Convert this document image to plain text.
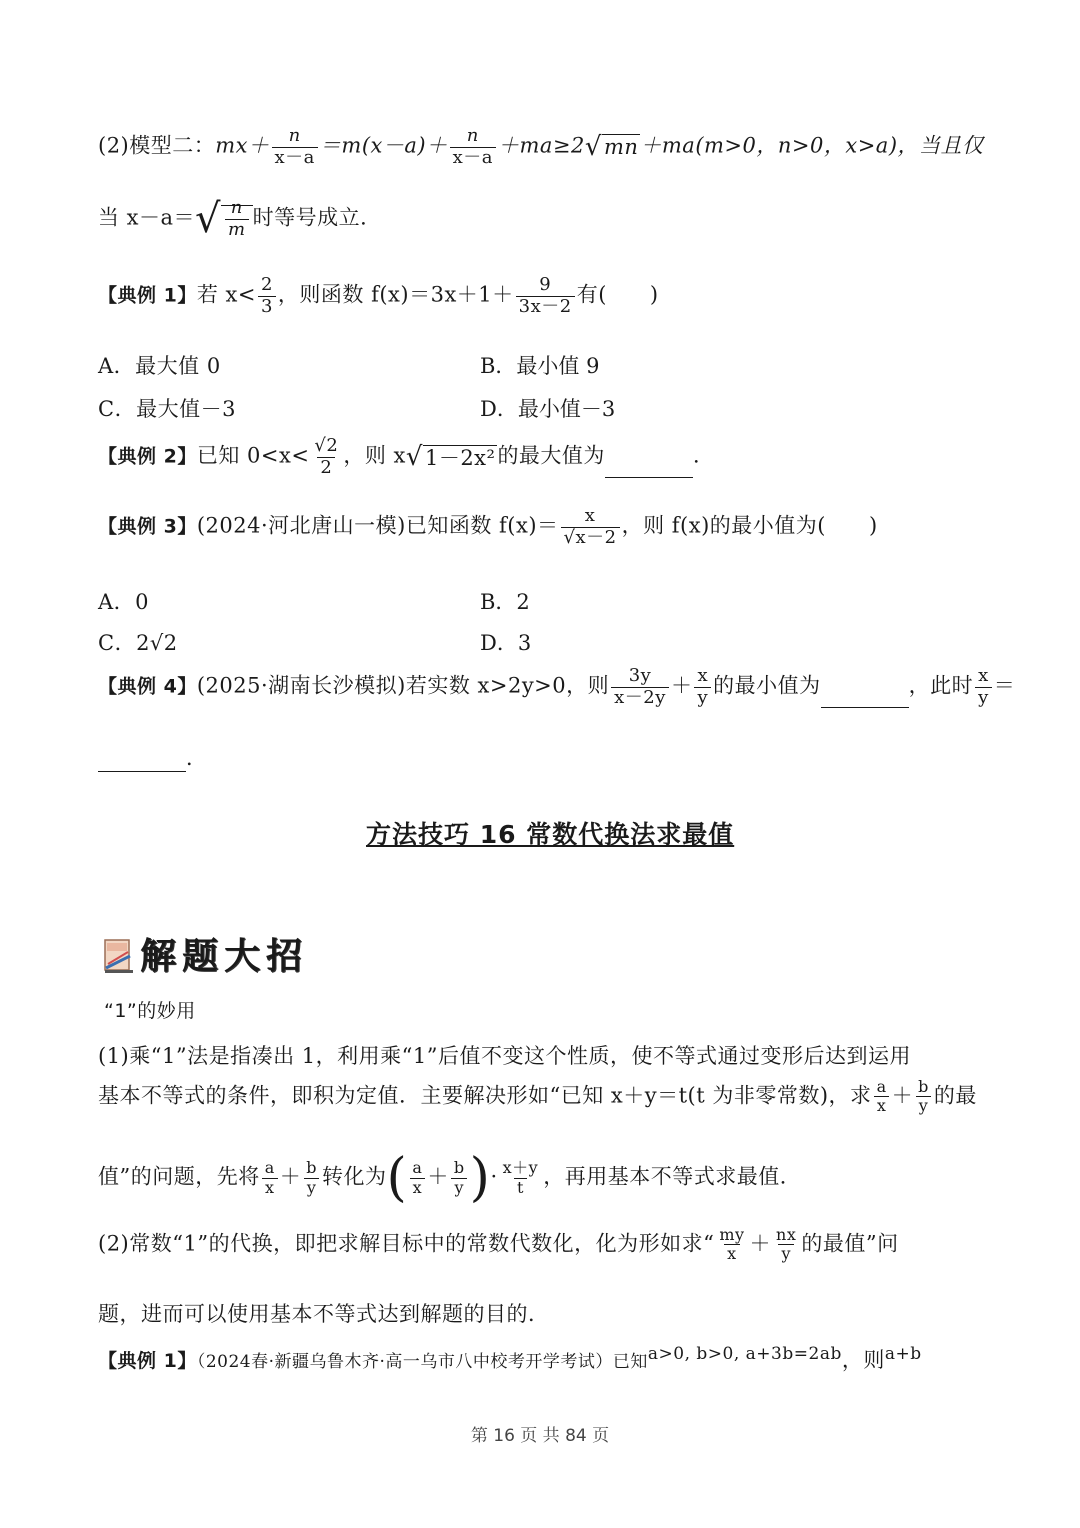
(2)模型二：$mx+ \frac{n}{x-a} =m(x-a)+ \frac{n}{x-a} +ma\ge 2√mn+ma(m>0$，n>0，x>a)，当且仅
当 $x-a=√ \frac{n}{m}$ 时等号成立．
【典例 1】若 $x< \frac{2}{3}$ ，则函数 $f(x)=3x+1+ \frac{9}{3x-2}$ 有(　　)
A．最大值 0	B．最小值 9
C．最大值－3	D．最小值－3
【典例 2】已知 $0<x< \frac{√2}{2}$ ，则 x√1－2x²的最大值为	．
【典例 3】(2024·河北唐山一模)已知函数 $f(x)= \frac{x}{√x-2}$ ，则 f(x)的最小值为(　　)
A．0	B．2
C．2√2	D．3
【典例 4】(2025·湖南长沙模拟)若实数 x>2y>0，则 $\frac{3y}{x-2y} + \frac{x}{y}$ 的最小值为	，此时 $\frac{x}{y}$ ＝
．
方法技巧 16 常数代换法求最值
解题大招
“1”的妙用
(1)乘“1”法是指凑出 1，利用乘“1”后值不变这个性质，使不等式通过变形后达到运用
基本不等式的条件，即积为定值．主要解决形如“已知 x＋y＝t(t 为非零常数)，求 $\frac{a}{x} + \frac{b}{y}$ 的最
值”的问题，先将 $\frac{a}{x} + \frac{b}{y}$ 转化为( $\frac{a}{x} + \frac{b}{y}$ )· $\frac{x+y}{t}$ ，再用基本不等式求最值．
(2)常数“1”的代换，即把求解目标中的常数代数化，化为形如求“ $\frac{my}{x} + \frac{nx}{y}$ 的最值”问
题，进而可以使用基本不等式达到解题的目的．
【典例 1】（2024春·新疆乌鲁木齐·高一乌市八中校考开学考试）已知$^{a>0, b>0, a+3b=2ab}$，则$^{a+b}$
第 16 页 共 84 页
